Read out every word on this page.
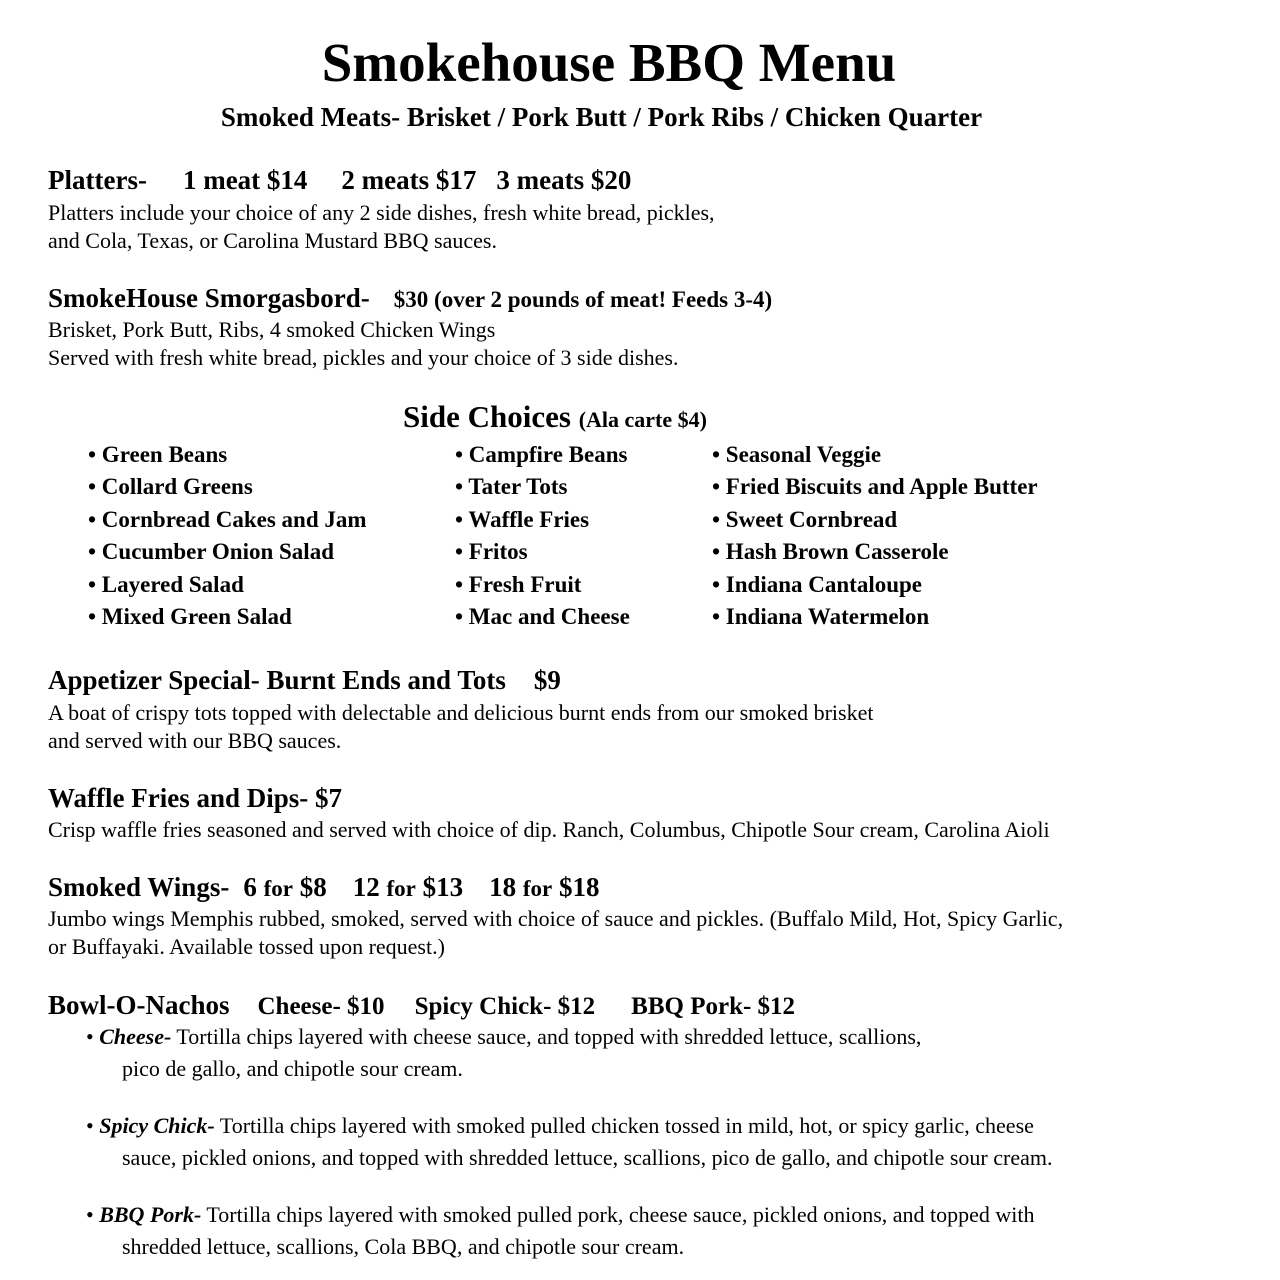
Smokehouse BBQ Menu
Smoked Meats- Brisket / Pork Butt / Pork Ribs / Chicken Quarter
Platters- 1 meat $14 2 meats $17 3 meats $20
Platters include your choice of any 2 side dishes, fresh white bread, pickles,
and Cola, Texas, or Carolina Mustard BBQ sauces.
SmokeHouse Smorgasbord- $30 (over 2 pounds of meat! Feeds 3-4)
Brisket, Pork Butt, Ribs, 4 smoked Chicken Wings
Served with fresh white bread, pickles and your choice of 3 side dishes.
Side Choices (Ala carte $4)
• Green Beans
• Collard Greens
• Cornbread Cakes and Jam
• Cucumber Onion Salad
• Layered Salad
• Mixed Green Salad
• Campfire Beans
• Tater Tots
• Waffle Fries
• Fritos
• Fresh Fruit
• Mac and Cheese
• Seasonal Veggie
• Fried Biscuits and Apple Butter
• Sweet Cornbread
• Hash Brown Casserole
• Indiana Cantaloupe
• Indiana Watermelon
Appetizer Special- Burnt Ends and Tots $9
A boat of crispy tots topped with delectable and delicious burnt ends from our smoked brisket
and served with our BBQ sauces.
Waffle Fries and Dips- $7
Crisp waffle fries seasoned and served with choice of dip. Ranch, Columbus, Chipotle Sour cream, Carolina Aioli
Smoked Wings- 6 for $8 12 for $13 18 for $18
Jumbo wings Memphis rubbed, smoked, served with choice of sauce and pickles. (Buffalo Mild, Hot, Spicy Garlic,
or Buffayaki. Available tossed upon request.)
Bowl-O-Nachos Cheese- $10 Spicy Chick- $12 BBQ Pork- $12
• Cheese- Tortilla chips layered with cheese sauce, and topped with shredded lettuce, scallions,
pico de gallo, and chipotle sour cream.
• Spicy Chick- Tortilla chips layered with smoked pulled chicken tossed in mild, hot, or spicy garlic, cheese
sauce, pickled onions, and topped with shredded lettuce, scallions, pico de gallo, and chipotle sour cream.
• BBQ Pork- Tortilla chips layered with smoked pulled pork, cheese sauce, pickled onions, and topped with
shredded lettuce, scallions, Cola BBQ, and chipotle sour cream.
